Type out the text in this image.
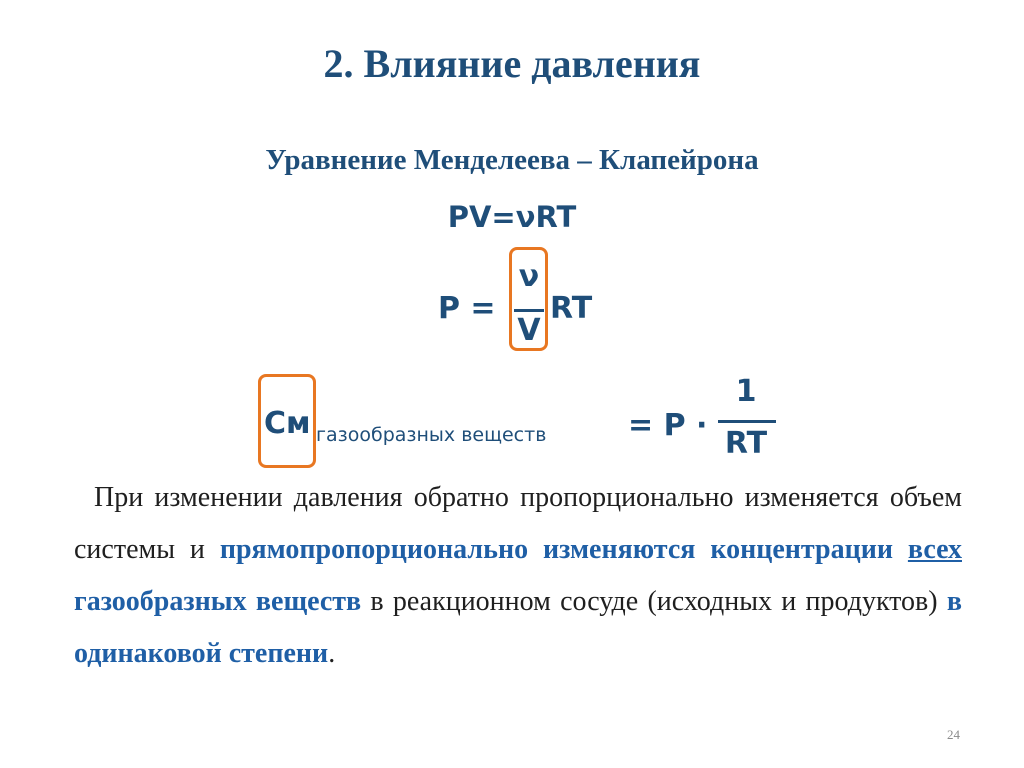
2. Влияние давления
Уравнение Менделеева – Клапейрона
PV=νRT
P =
ν
V
RT
Cм газообразных веществ	= P ·
1
RT
При изменении давления обратно пропорционально изменяется объем системы и прямопропорционально изменяются концентрации всех газообразных веществ в реакционном сосуде (исходных и продуктов) в одинаковой степени.
24
